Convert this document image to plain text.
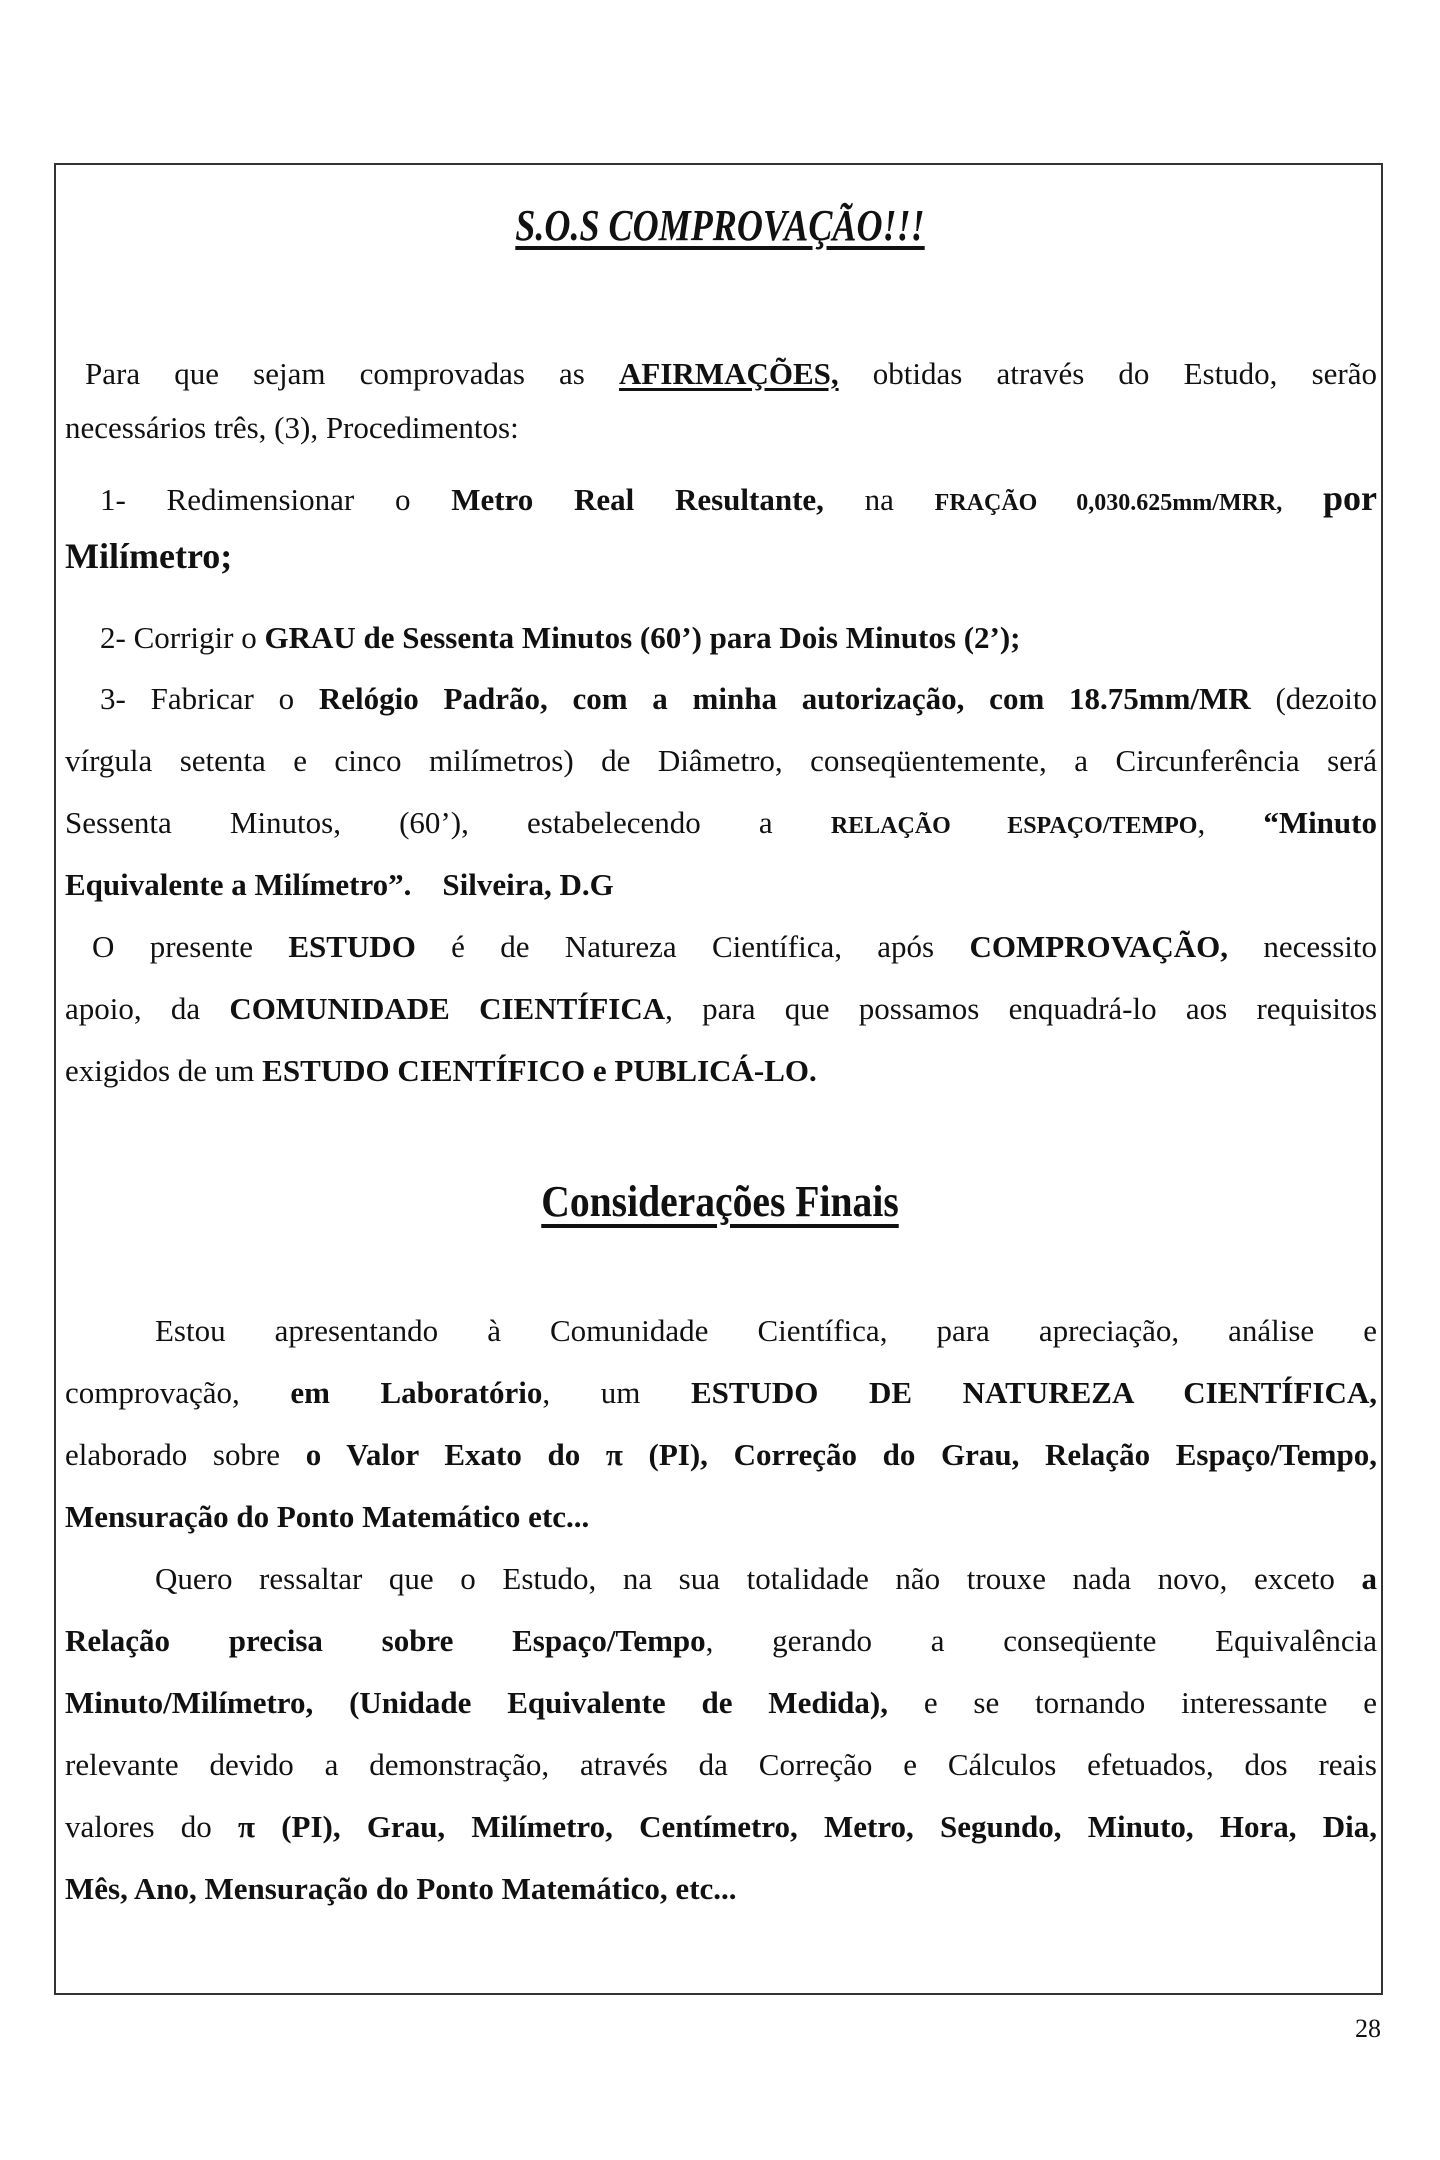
S.O.S COMPROVAÇÃO!!!
Para que sejam comprovadas as AFIRMAÇÕES, obtidas através do Estudo, serão
necessários três, (3), Procedimentos:
1- Redimensionar o Metro Real Resultante, na FRAÇÃO 0,030.625mm/MRR, por
Milímetro;
2- Corrigir o GRAU de Sessenta Minutos (60’) para Dois Minutos (2’);
3- Fabricar o Relógio Padrão, com a minha autorização, com 18.75mm/MR (dezoito
vírgula setenta e cinco milímetros) de Diâmetro, conseqüentemente, a Circunferência será
Sessenta Minutos, (60’), estabelecendo a RELAÇÃO ESPAÇO/TEMPO, “Minuto
Equivalente a Milímetro”. Silveira, D.G
O presente ESTUDO é de Natureza Científica, após COMPROVAÇÃO, necessito
apoio, da COMUNIDADE CIENTÍFICA, para que possamos enquadrá-lo aos requisitos
exigidos de um ESTUDO CIENTÍFICO e PUBLICÁ-LO.
Considerações Finais
Estou apresentando à Comunidade Científica, para apreciação, análise e
comprovação, em Laboratório, um ESTUDO DE NATUREZA CIENTÍFICA,
elaborado sobre o Valor Exato do π (PI), Correção do Grau, Relação Espaço/Tempo,
Mensuração do Ponto Matemático etc...
Quero ressaltar que o Estudo, na sua totalidade não trouxe nada novo, exceto a
Relação precisa sobre Espaço/Tempo, gerando a conseqüente Equivalência
Minuto/Milímetro, (Unidade Equivalente de Medida), e se tornando interessante e
relevante devido a demonstração, através da Correção e Cálculos efetuados, dos reais
valores do π (PI), Grau, Milímetro, Centímetro, Metro, Segundo, Minuto, Hora, Dia,
Mês, Ano, Mensuração do Ponto Matemático, etc...
28
